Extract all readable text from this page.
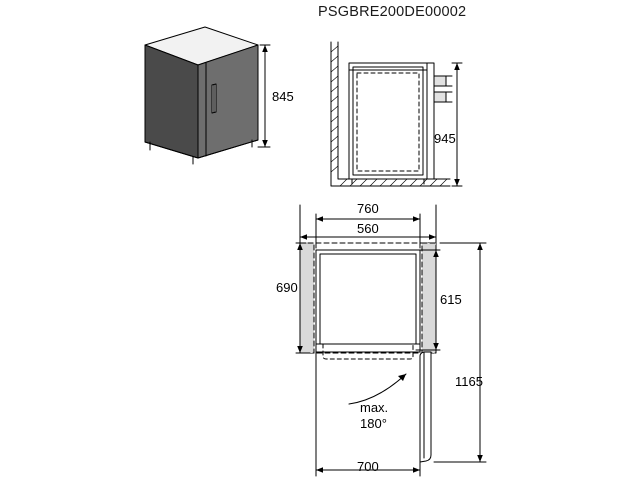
PSGBRE200DE00002
845
945
760
560
690
615
1165
700
max.
180°
